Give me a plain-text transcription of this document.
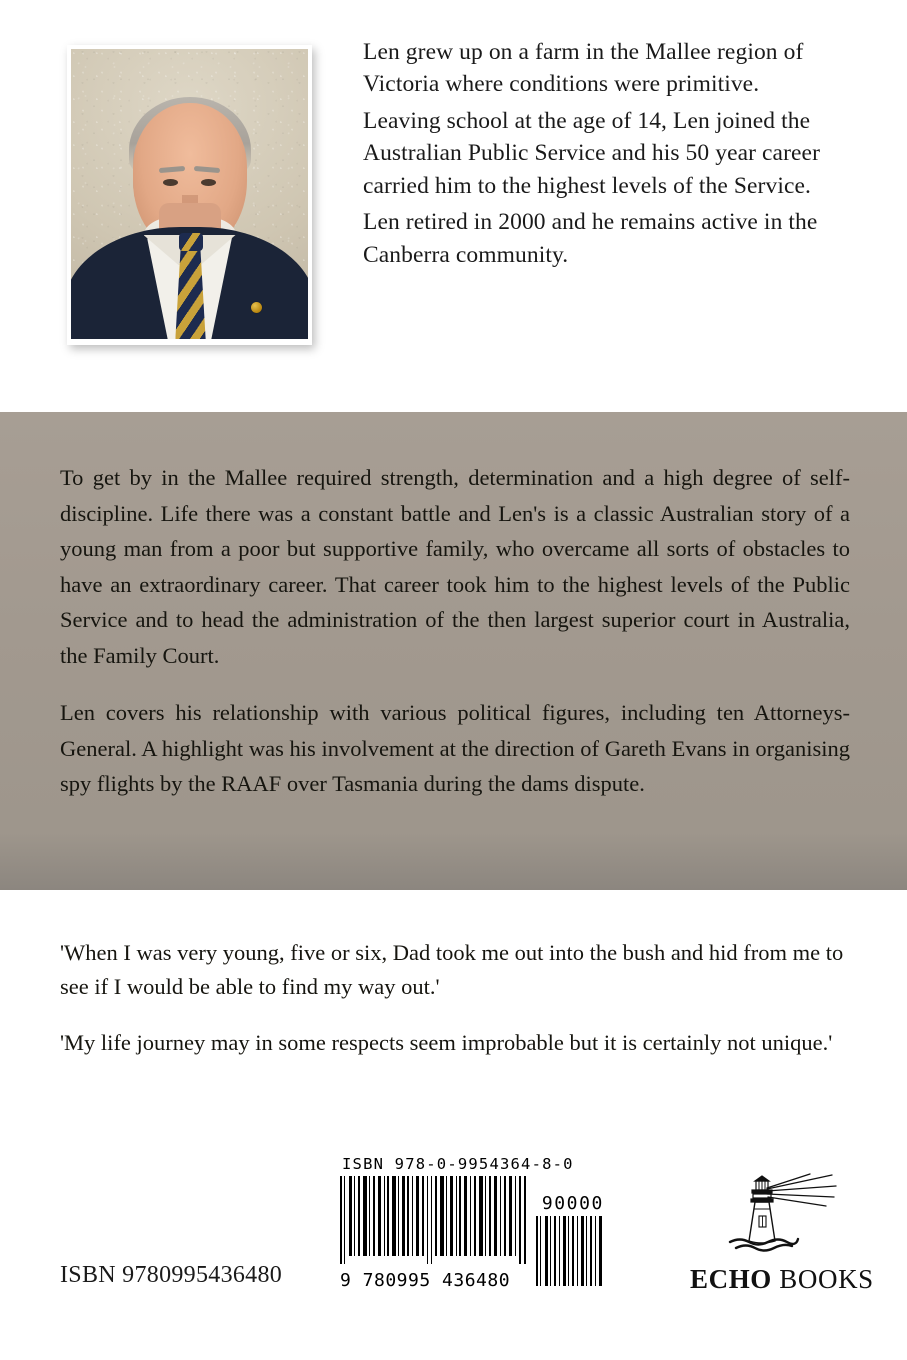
Len grew up on a farm in the Mallee region of Victoria where conditions were primitive.

Leaving school at the age of 14, Len joined the Australian Public Service and his 50 year career carried him to the highest levels of the Service.

Len retired in 2000 and he remains active in the Canberra community.

To get by in the Mallee required strength, determination and a high degree of self-discipline. Life there was a constant battle and Len's is a classic Australian story of a young man from a poor but supportive family, who overcame all sorts of obstacles to have an extraordinary career. That career took him to the highest levels of the Public Service and to head the administration of the then largest superior court in Australia, the Family Court.

Len covers his relationship with various political figures, including ten Attorneys-General. A highlight was his involvement at the direction of Gareth Evans in organising spy flights by the RAAF over Tasmania during the dams dispute.

'When I was very young, five or six, Dad took me out into the bush and hid from me to see if I would be able to find my way out.'

'My life journey may in some respects seem improbable but it is certainly not unique.'

ISBN 9780995436480
ISBN 978-0-9954364-8-0
9 780995 436480
90000
ECHO BOOKS
